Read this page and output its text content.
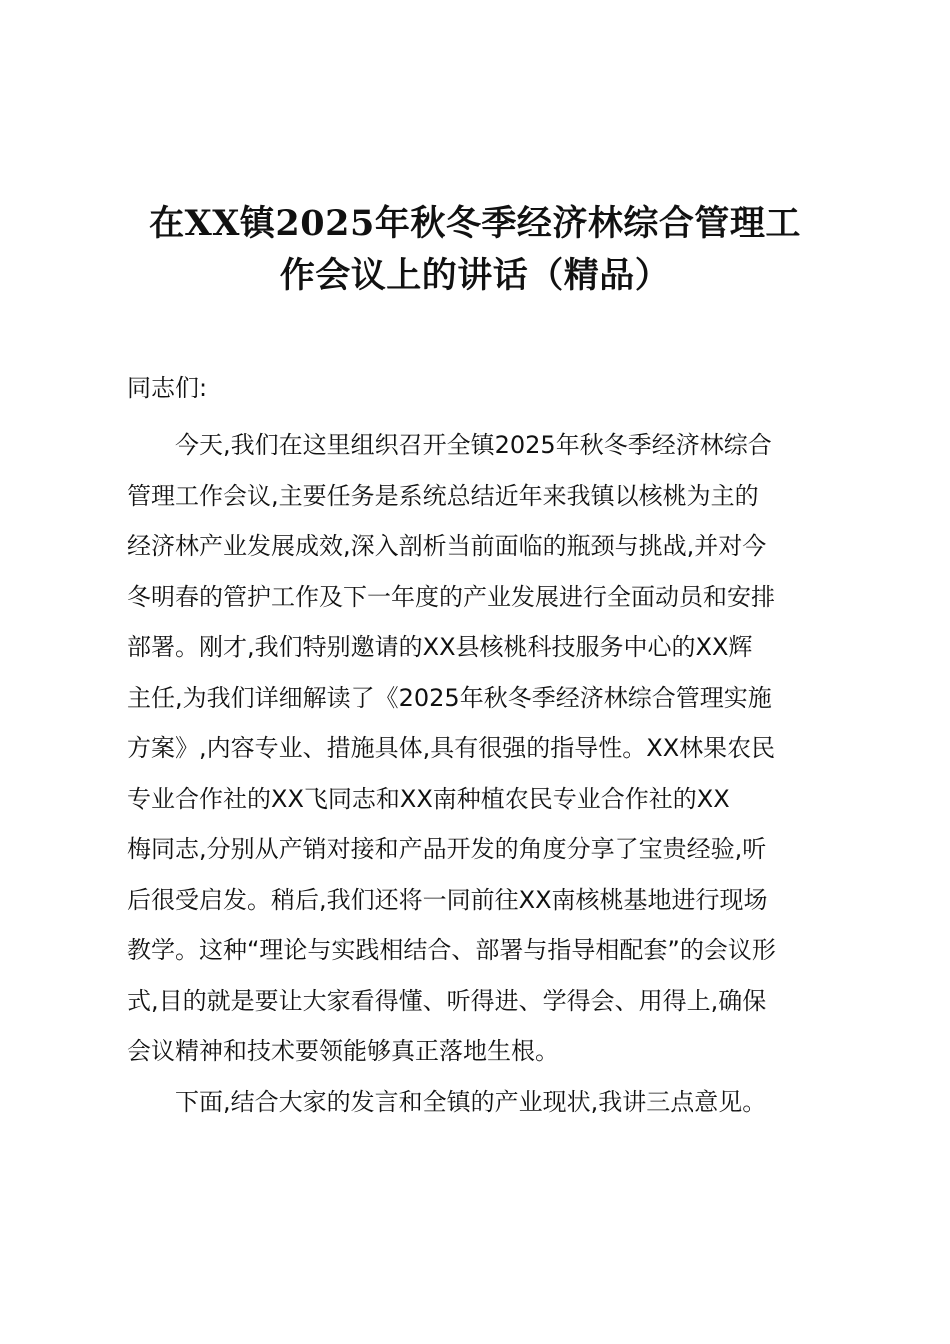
在XX镇2025年秋冬季经济林综合管理工
作会议上的讲话（精品）

同志们:

今天,我们在这里组织召开全镇2025年秋冬季经济林综合
管理工作会议,主要任务是系统总结近年来我镇以核桃为主的
经济林产业发展成效,深入剖析当前面临的瓶颈与挑战,并对今
冬明春的管护工作及下一年度的产业发展进行全面动员和安排
部署。刚才,我们特别邀请的XX县核桃科技服务中心的XX辉
主任,为我们详细解读了《2025年秋冬季经济林综合管理实施
方案》,内容专业、措施具体,具有很强的指导性。XX林果农民
专业合作社的XX飞同志和XX南种植农民专业合作社的XX
梅同志,分别从产销对接和产品开发的角度分享了宝贵经验,听
后很受启发。稍后,我们还将一同前往XX南核桃基地进行现场
教学。这种“理论与实践相结合、部署与指导相配套”的会议形
式,目的就是要让大家看得懂、听得进、学得会、用得上,确保
会议精神和技术要领能够真正落地生根。

下面,结合大家的发言和全镇的产业现状,我讲三点意见。
